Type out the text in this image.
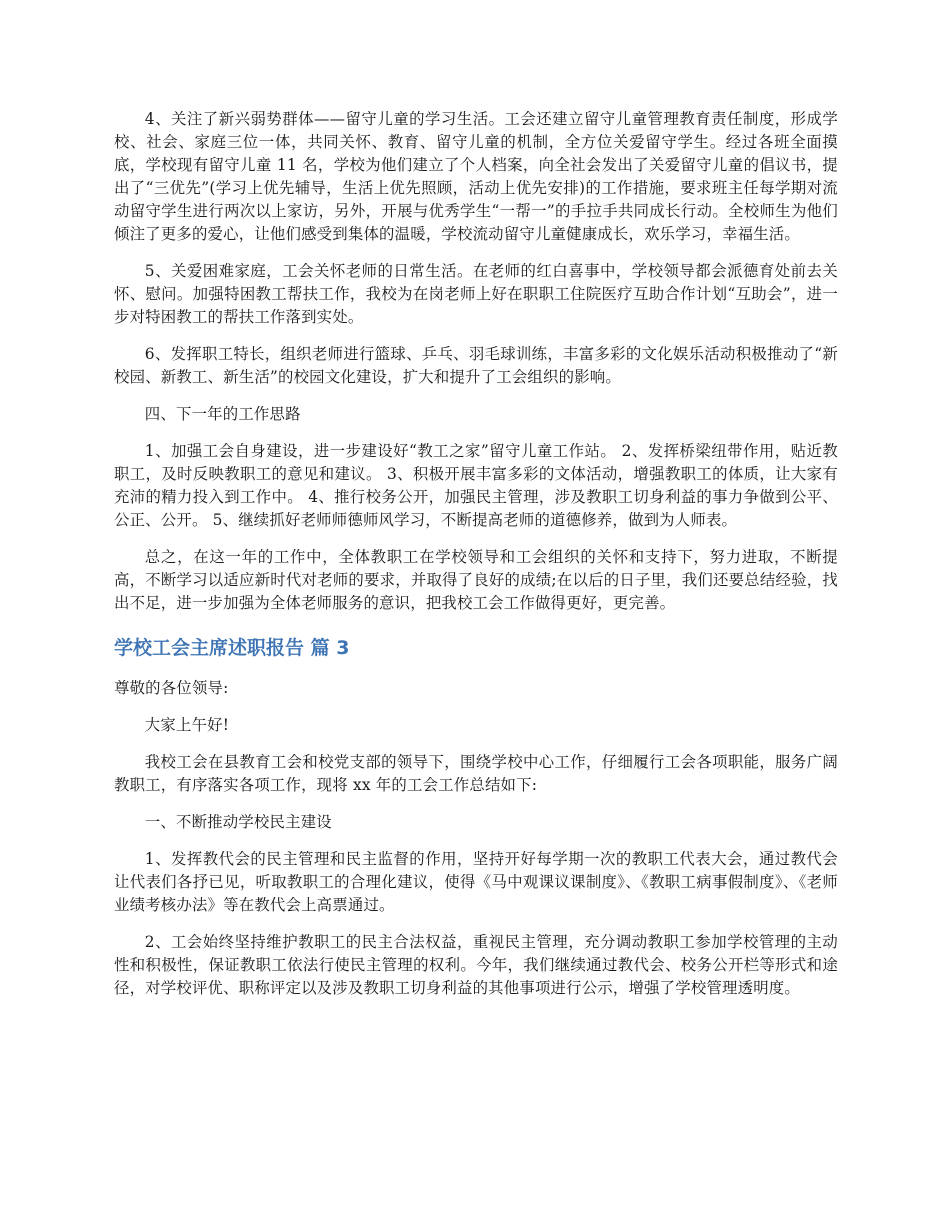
4、关注了新兴弱势群体——留守儿童的学习生活。工会还建立留守儿童管理教育责任制度，形成学校、社会、家庭三位一体，共同关怀、教育、留守儿童的机制，全方位关爱留守学生。经过各班全面摸底，学校现有留守儿童 11 名，学校为他们建立了个人档案，向全社会发出了关爱留守儿童的倡议书，提出了“三优先”(学习上优先辅导，生活上优先照顾，活动上优先安排)的工作措施，要求班主任每学期对流动留守学生进行两次以上家访，另外，开展与优秀学生“一帮一”的手拉手共同成长行动。全校师生为他们倾注了更多的爱心，让他们感受到集体的温暖，学校流动留守儿童健康成长，欢乐学习，幸福生活。

5、关爱困难家庭，工会关怀老师的日常生活。在老师的红白喜事中，学校领导都会派德育处前去关怀、慰问。加强特困教工帮扶工作，我校为在岗老师上好在职职工住院医疗互助合作计划“互助会”，进一步对特困教工的帮扶工作落到实处。

6、发挥职工特长，组织老师进行篮球、乒乓、羽毛球训练，丰富多彩的文化娱乐活动积极推动了“新校园、新教工、新生活”的校园文化建设，扩大和提升了工会组织的影响。

四、下一年的工作思路

1、加强工会自身建设，进一步建设好“教工之家”留守儿童工作站。 2、发挥桥梁纽带作用，贴近教职工，及时反映教职工的意见和建议。 3、积极开展丰富多彩的文体活动，增强教职工的体质，让大家有充沛的精力投入到工作中。 4、推行校务公开，加强民主管理，涉及教职工切身利益的事力争做到公平、公正、公开。 5、继续抓好老师师德师风学习，不断提高老师的道德修养，做到为人师表。

总之，在这一年的工作中，全体教职工在学校领导和工会组织的关怀和支持下，努力进取，不断提高，不断学习以适应新时代对老师的要求，并取得了良好的成绩;在以后的日子里，我们还要总结经验，找出不足，进一步加强为全体老师服务的意识，把我校工会工作做得更好，更完善。

学校工会主席述职报告 篇 3

尊敬的各位领导:

大家上午好!

我校工会在县教育工会和校党支部的领导下，围绕学校中心工作，仔细履行工会各项职能，服务广阔教职工，有序落实各项工作，现将 xx 年的工会工作总结如下:

一、不断推动学校民主建设

1、发挥教代会的民主管理和民主监督的作用，坚持开好每学期一次的教职工代表大会，通过教代会让代表们各抒已见，听取教职工的合理化建议，使得《马中观课议课制度》、《教职工病事假制度》、《老师业绩考核办法》等在教代会上高票通过。

2、工会始终坚持维护教职工的民主合法权益，重视民主管理，充分调动教职工参加学校管理的主动性和积极性，保证教职工依法行使民主管理的权利。今年，我们继续通过教代会、校务公开栏等形式和途径，对学校评优、职称评定以及涉及教职工切身利益的其他事项进行公示，增强了学校管理透明度。
